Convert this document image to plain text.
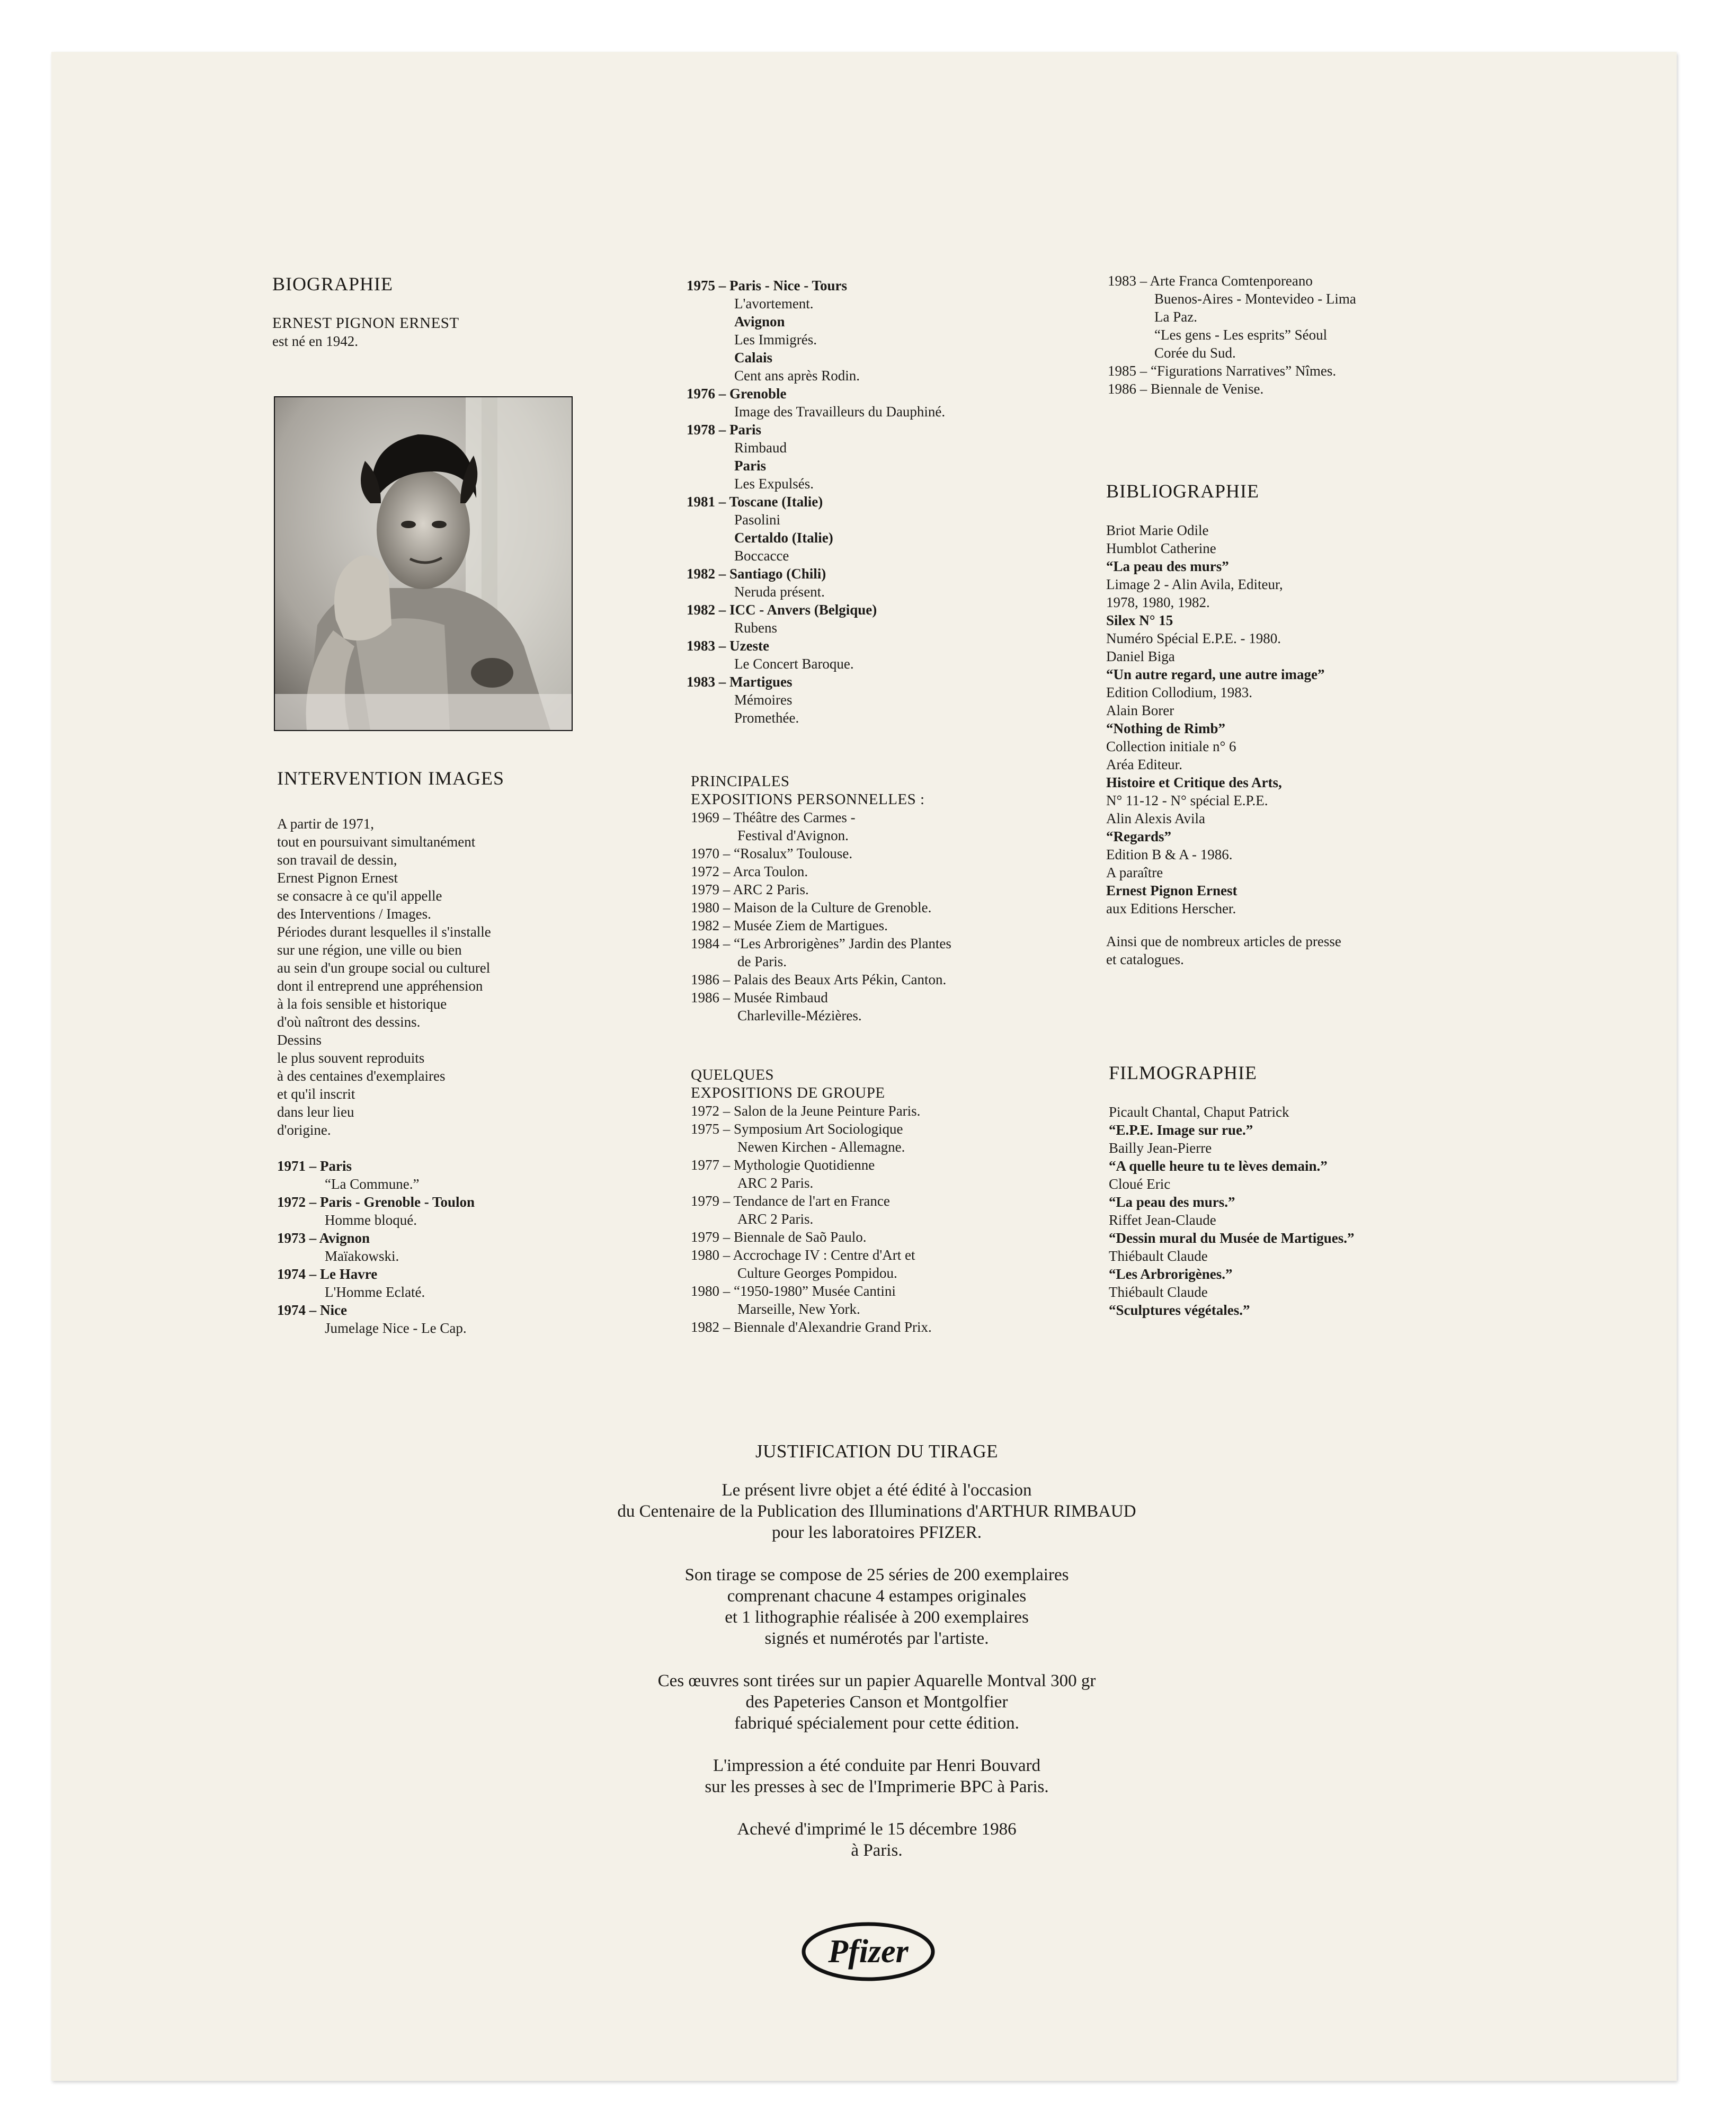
BIOGRAPHIE
ERNEST PIGNON ERNEST
est né en 1942.
INTERVENTION IMAGES
A partir de 1971,
tout en poursuivant simultanément
son travail de dessin,
Ernest Pignon Ernest
se consacre à ce qu'il appelle
des Interventions / Images.
Périodes durant lesquelles il s'installe
sur une région, une ville ou bien
au sein d'un groupe social ou culturel
dont il entreprend une appréhension
à la fois sensible et historique
d'où naîtront des dessins.
Dessins
le plus souvent reproduits
à des centaines d'exemplaires
et qu'il inscrit
dans leur lieu
d'origine.
1971 – Paris
“La Commune.”
1972 – Paris - Grenoble - Toulon
Homme bloqué.
1973 – Avignon
Maïakowski.
1974 – Le Havre
L'Homme Eclaté.
1974 – Nice
Jumelage Nice - Le Cap.
1975 – Paris - Nice - Tours
L'avortement.
Avignon
Les Immigrés.
Calais
Cent ans après Rodin.
1976 – Grenoble
Image des Travailleurs du Dauphiné.
1978 – Paris
Rimbaud
Paris
Les Expulsés.
1981 – Toscane (Italie)
Pasolini
Certaldo (Italie)
Boccacce
1982 – Santiago (Chili)
Neruda présent.
1982 – ICC - Anvers (Belgique)
Rubens
1983 – Uzeste
Le Concert Baroque.
1983 – Martigues
Mémoires
Promethée.
PRINCIPALES
EXPOSITIONS PERSONNELLES :
1969 – Théâtre des Carmes -
Festival d'Avignon.
1970 – “Rosalux” Toulouse.
1972 – Arca Toulon.
1979 – ARC 2 Paris.
1980 – Maison de la Culture de Grenoble.
1982 – Musée Ziem de Martigues.
1984 – “Les Arbrorigènes” Jardin des Plantes
de Paris.
1986 – Palais des Beaux Arts Pékin, Canton.
1986 – Musée Rimbaud
Charleville-Mézières.
QUELQUES
EXPOSITIONS DE GROUPE
1972 – Salon de la Jeune Peinture Paris.
1975 – Symposium Art Sociologique
Newen Kirchen - Allemagne.
1977 – Mythologie Quotidienne
ARC 2 Paris.
1979 – Tendance de l'art en France
ARC 2 Paris.
1979 – Biennale de Saõ Paulo.
1980 – Accrochage IV : Centre d'Art et
Culture Georges Pompidou.
1980 – “1950-1980” Musée Cantini
Marseille, New York.
1982 – Biennale d'Alexandrie Grand Prix.
1983 – Arte Franca Comtenporeano
Buenos-Aires - Montevideo - Lima
La Paz.
“Les gens - Les esprits” Séoul
Corée du Sud.
1985 – “Figurations Narratives” Nîmes.
1986 – Biennale de Venise.
BIBLIOGRAPHIE
Briot Marie Odile
Humblot Catherine
“La peau des murs”
Limage 2 - Alin Avila, Editeur,
1978, 1980, 1982.
Silex N° 15
Numéro Spécial E.P.E. - 1980.
Daniel Biga
“Un autre regard, une autre image”
Edition Collodium, 1983.
Alain Borer
“Nothing de Rimb”
Collection initiale n° 6
Aréa Editeur.
Histoire et Critique des Arts,
N° 11-12 - N° spécial E.P.E.
Alin Alexis Avila
“Regards”
Edition B & A - 1986.
A paraître
Ernest Pignon Ernest
aux Editions Herscher.
Ainsi que de nombreux articles de presse
et catalogues.
FILMOGRAPHIE
Picault Chantal, Chaput Patrick
“E.P.E. Image sur rue.”
Bailly Jean-Pierre
“A quelle heure tu te lèves demain.”
Cloué Eric
“La peau des murs.”
Riffet Jean-Claude
“Dessin mural du Musée de Martigues.”
Thiébault Claude
“Les Arbrorigènes.”
Thiébault Claude
“Sculptures végétales.”
JUSTIFICATION DU TIRAGE
Le présent livre objet a été édité à l'occasion
du Centenaire de la Publication des Illuminations d'ARTHUR RIMBAUD
pour les laboratoires PFIZER.
Son tirage se compose de 25 séries de 200 exemplaires
comprenant chacune 4 estampes originales
et 1 lithographie réalisée à 200 exemplaires
signés et numérotés par l'artiste.
Ces œuvres sont tirées sur un papier Aquarelle Montval 300 gr
des Papeteries Canson et Montgolfier
fabriqué spécialement pour cette édition.
L'impression a été conduite par Henri Bouvard
sur les presses à sec de l'Imprimerie BPC à Paris.
Achevé d'imprimé le 15 décembre 1986
à Paris.
Pfizer
